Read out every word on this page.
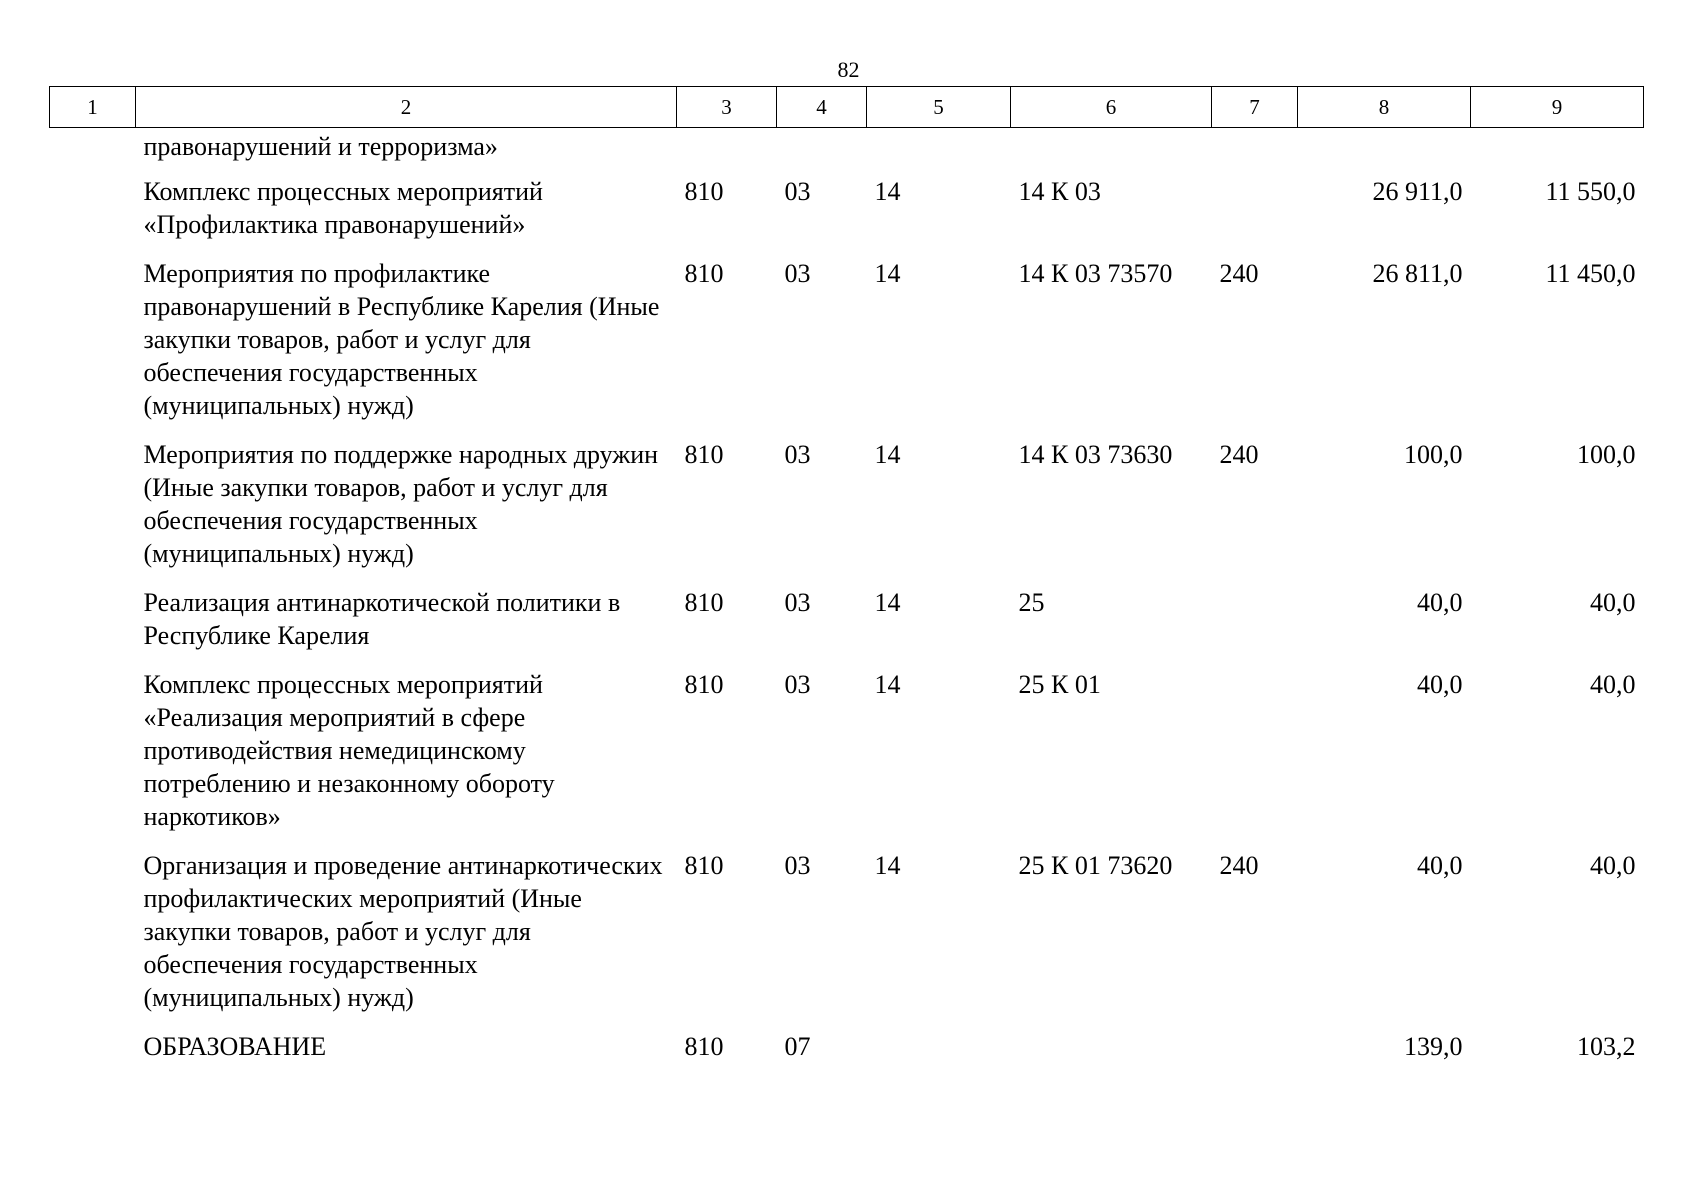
82
1	2	3	4	5	6	7	8	9
	правонарушений и терроризма»							
	Комплекс процессных мероприятий «Профилактика правонарушений»	810	03	14	14 К 03		26 911,0	11 550,0
	Мероприятия по профилактике правонарушений в Республике Карелия (Иные закупки товаров, работ и услуг для обеспечения государственных (муниципальных) нужд)	810	03	14	14 К 03 73570	240	26 811,0	11 450,0
	Мероприятия по поддержке народных дружин (Иные закупки товаров, работ и услуг для обеспечения государственных (муниципальных) нужд)	810	03	14	14 К 03 73630	240	100,0	100,0
	Реализация антинаркотической политики в Республике Карелия	810	03	14	25		40,0	40,0
	Комплекс процессных мероприятий «Реализация мероприятий в сфере противодействия немедицинскому потреблению и незаконному обороту наркотиков»	810	03	14	25 К 01		40,0	40,0
	Организация и проведение антинаркотических профилактических мероприятий (Иные закупки товаров, работ и услуг для обеспечения государственных (муниципальных) нужд)	810	03	14	25 К 01 73620	240	40,0	40,0
	ОБРАЗОВАНИЕ	810	07				139,0	103,2
